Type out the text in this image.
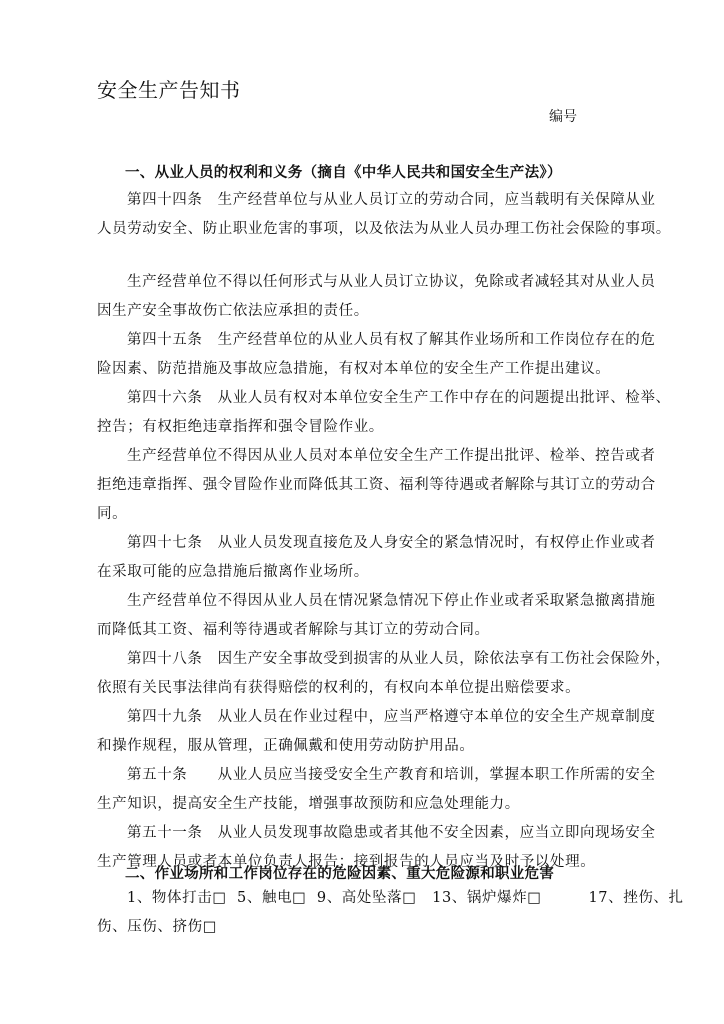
安全生产告知书
编号
一、从业人员的权利和义务（摘自《中华人民共和国安全生产法》）
第四十四条　生产经营单位与从业人员订立的劳动合同，应当载明有关保障从业
人员劳动安全、防止职业危害的事项，以及依法为从业人员办理工伤社会保险的事项。
生产经营单位不得以任何形式与从业人员订立协议，免除或者减轻其对从业人员
因生产安全事故伤亡依法应承担的责任。
第四十五条　生产经营单位的从业人员有权了解其作业场所和工作岗位存在的危
险因素、防范措施及事故应急措施，有权对本单位的安全生产工作提出建议。
第四十六条　从业人员有权对本单位安全生产工作中存在的问题提出批评、检举、
控告；有权拒绝违章指挥和强令冒险作业。
生产经营单位不得因从业人员对本单位安全生产工作提出批评、检举、控告或者
拒绝违章指挥、强令冒险作业而降低其工资、福利等待遇或者解除与其订立的劳动合
同。
第四十七条　从业人员发现直接危及人身安全的紧急情况时，有权停止作业或者
在采取可能的应急措施后撤离作业场所。
生产经营单位不得因从业人员在情况紧急情况下停止作业或者采取紧急撤离措施
而降低其工资、福利等待遇或者解除与其订立的劳动合同。
第四十八条　因生产安全事故受到损害的从业人员，除依法享有工伤社会保险外，
依照有关民事法律尚有获得赔偿的权利的，有权向本单位提出赔偿要求。
第四十九条　从业人员在作业过程中，应当严格遵守本单位的安全生产规章制度
和操作规程，服从管理，正确佩戴和使用劳动防护用品。
第五十条　　从业人员应当接受安全生产教育和培训，掌握本职工作所需的安全
生产知识，提高安全生产技能，增强事故预防和应急处理能力。
第五十一条　从业人员发现事故隐患或者其他不安全因素，应当立即向现场安全
生产管理人员或者本单位负责人报告；接到报告的人员应当及时予以处理。
二、作业场所和工作岗位存在的危险因素、重大危险源和职业危害
1、物体打击□  5、触电□  9、高处坠落□   13、锅炉爆炸□         17、挫伤、扎
伤、压伤、挤伤□
